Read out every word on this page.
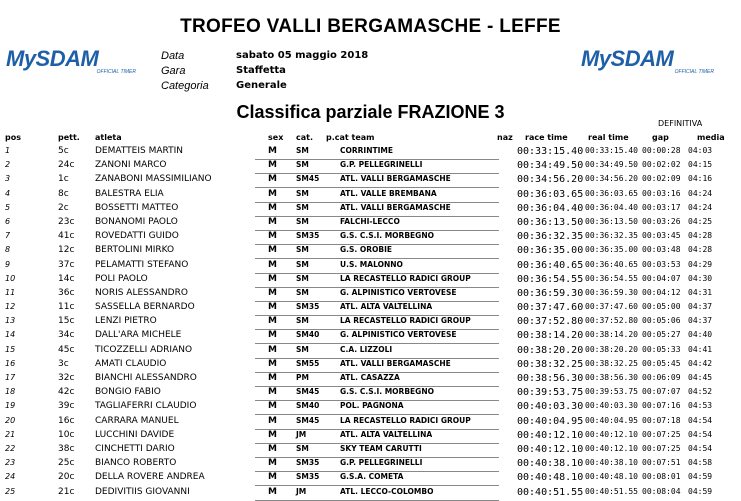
TROFEO VALLI BERGAMASCHE - LEFFE
MySDAM
OFFICIAL TIMER
MySDAM
OFFICIAL TIMER
Data	sabato 05 maggio 2018
Gara	Staffetta
Categoria	Generale
Classifica parziale FRAZIONE 3
DEFINITIVA
pos	pett. atleta	sex cat. p.cat team	naz race time	real time	gap	media
1	5c	DEMATTEIS MARTIN	M	SM	CORRINTIME	00:33:15.40 00:33:15.40 00:00:28 04:03
2	24c ZANONI MARCO	M	SM	G.P. PELLEGRINELLI	00:34:49.50 00:34:49.50 00:02:02 04:15
3	1c	ZANABONI MASSIMILIANO	M	SM45	ATL. VALLI BERGAMASCHE	00:34:56.20 00:34:56.20 00:02:09 04:16
4	8c	BALESTRA ELIA	M	SM	ATL. VALLE BREMBANA	00:36:03.65 00:36:03.65 00:03:16 04:24
5	2c	BOSSETTI MATTEO	M	SM	ATL. VALLI BERGAMASCHE	00:36:04.40 00:36:04.40 00:03:17 04:24
6	23c BONANOMI PAOLO	M	SM	FALCHI-LECCO	00:36:13.50 00:36:13.50 00:03:26 04:25
7	41c ROVEDATTI GUIDO	M	SM35	G.S. C.S.I. MORBEGNO	00:36:32.35 00:36:32.35 00:03:45 04:28
8	12c BERTOLINI MIRKO	M	SM	G.S. OROBIE	00:36:35.00 00:36:35.00 00:03:48 04:28
9	37c PELAMATTI STEFANO	M	SM	U.S. MALONNO	00:36:40.65 00:36:40.65 00:03:53 04:29
10	14c POLI PAOLO	M	SM	LA RECASTELLO RADICI GROUP	00:36:54.55 00:36:54.55 00:04:07 04:30
11	36c NORIS ALESSANDRO	M	SM	G. ALPINISTICO VERTOVESE	00:36:59.30 00:36:59.30 00:04:12 04:31
12	11c SASSELLA BERNARDO	M	SM35	ATL. ALTA VALTELLINA	00:37:47.60 00:37:47.60 00:05:00 04:37
13	15c LENZI PIETRO	M	SM	LA RECASTELLO RADICI GROUP	00:37:52.80 00:37:52.80 00:05:06 04:37
14	34c DALL'ARA MICHELE	M	SM40	G. ALPINISTICO VERTOVESE	00:38:14.20 00:38:14.20 00:05:27 04:40
15	45c TICOZZELLI ADRIANO	M	SM	C.A. LIZZOLI	00:38:20.20 00:38:20.20 00:05:33 04:41
16	3c	AMATI CLAUDIO	M	SM55	ATL. VALLI BERGAMASCHE	00:38:32.25 00:38:32.25 00:05:45 04:42
17	32c BIANCHI ALESSANDRO	M	PM	ATL. CASAZZA	00:38:56.30 00:38:56.30 00:06:09 04:45
18	42c BONGIO FABIO	M	SM45	G.S. C.S.I. MORBEGNO	00:39:53.75 00:39:53.75 00:07:07 04:52
19	39c TAGLIAFERRI CLAUDIO	M	SM40	POL. PAGNONA	00:40:03.30 00:40:03.30 00:07:16 04:53
20	16c CARRARA MANUEL	M	SM45	LA RECASTELLO RADICI GROUP	00:40:04.95 00:40:04.95 00:07:18 04:54
21	10c LUCCHINI DAVIDE	M	JM	ATL. ALTA VALTELLINA	00:40:12.10 00:40:12.10 00:07:25 04:54
22	38c CINCHETTI DARIO	M	SM	SKY TEAM CARUTTI	00:40:12.10 00:40:12.10 00:07:25 04:54
23	25c BIANCO ROBERTO	M	SM35	G.P. PELLEGRINELLI	00:40:38.10 00:40:38.10 00:07:51 04:58
24	20c DELLA ROVERE ANDREA	M	SM35	G.S.A. COMETA	00:40:48.10 00:40:48.10 00:08:01 04:59
25	21c DEDIVITIIS GIOVANNI	M	JM	ATL. LECCO-COLOMBO	00:40:51.55 00:40:51.55 00:08:04 04:59
